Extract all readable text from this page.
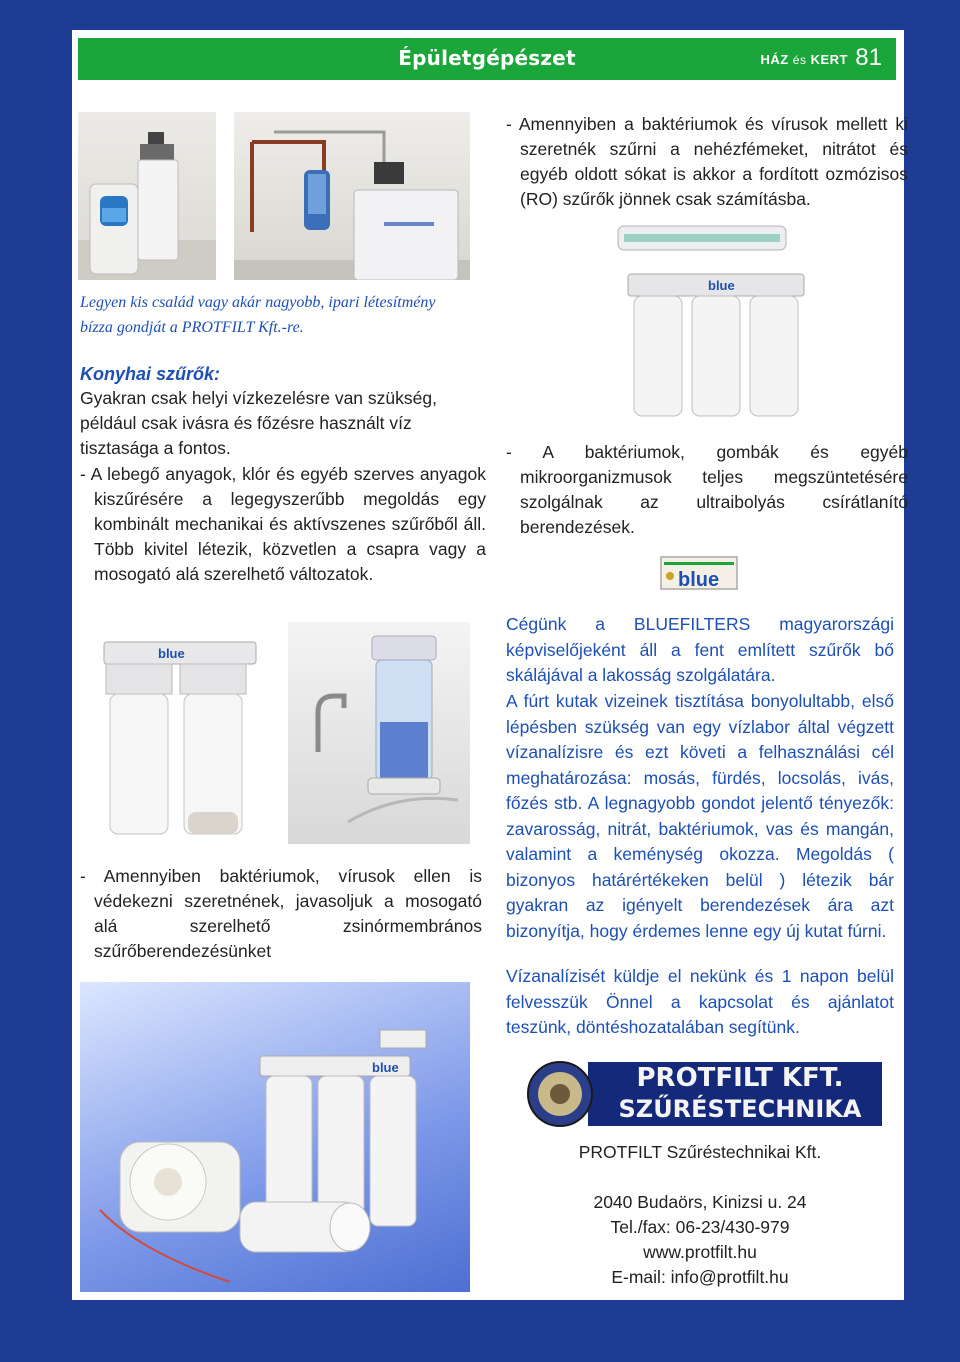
Épületgépészet	HÁZ és KERT 81
Legyen kis család vagy akár nagyobb, ipari létesítmény bízza gondját a PROTFILT Kft.-re.
Konyhai szűrők:
Gyakran csak helyi vízkezelésre van szükség, például csak ivásra és főzésre használt víz tisztasága a fontos.
- A lebegő anyagok, klór és egyéb szerves anyagok kiszűrésére a legegyszerűbb megoldás egy kombinált mechanikai és aktívszenes szűrőből áll. Több kivitel létezik, közvetlen a csapra vagy a mosogató alá szerelhető változatok.
blue
- Amennyiben baktériumok, vírusok ellen is védekezni szeretnének, javasoljuk a mosogató alá szerelhető zsinórmembrános szűrőberendezésünket
blue
- Amennyiben a baktériumok és vírusok mellett ki szeretnék szűrni a nehézfémeket, nitrátot és egyéb oldott sókat is akkor a fordított ozmózisos (RO) szűrők jönnek csak számításba.
blue
- A baktériumok, gombák és egyéb mikroorganizmusok teljes megszüntetésére szolgálnak az ultraibolyás csírátlanító berendezések.
blue
Cégünk a BLUEFILTERS magyarországi képviselőjeként áll a fent említett szűrők bő skálájával a lakosság szolgálatára.
A fúrt kutak vizeinek tisztítása bonyolultabb, első lépésben szükség van egy vízlabor által végzett vízanalízisre és ezt követi a felhasználási cél meghatározása: mosás, fürdés, locsolás, ivás, főzés stb. A legnagyobb gondot jelentő tényezők: zavarosság, nitrát, baktériumok, vas és mangán, valamint a keménység okozza. Megoldás ( bizonyos határértékeken belül ) létezik bár gyakran az igényelt berendezések ára azt bizonyítja, hogy érdemes lenne egy új kutat fúrni.
Vízanalízisét küldje el nekünk és 1 napon belül felvesszük Önnel a kapcsolat és ajánlatot teszünk, döntéshozatalában segítünk.
PROTFILT KFT.
SZŰRÉSTECHNIKA
PROTFILT Szűréstechnikai Kft.
2040 Budaörs, Kinizsi u. 24
Tel./fax: 06-23/430-979
www.protfilt.hu
E-mail: info@protfilt.hu
